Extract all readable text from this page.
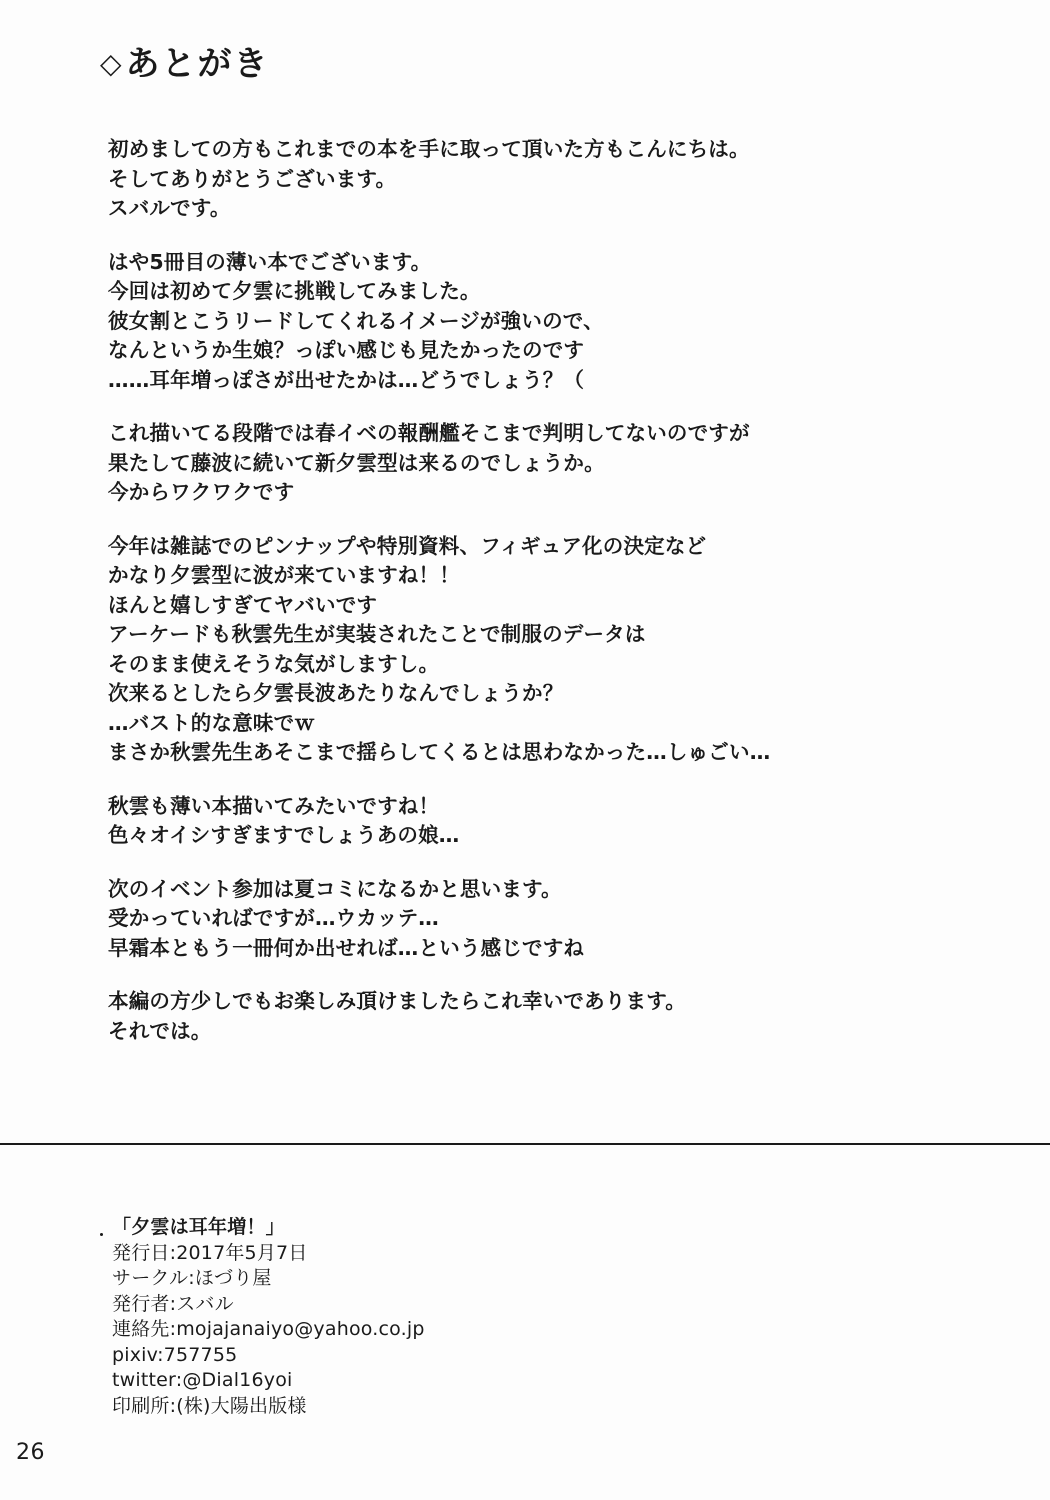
◇あとがき

初めましての方もこれまでの本を手に取って頂いた方もこんにちは。
そしてありがとうございます。
スバルです。

はや5冊目の薄い本でございます。
今回は初めて夕雲に挑戦してみました。
彼女割とこうリードしてくれるイメージが強いので、
なんというか生娘？っぽい感じも見たかったのです
……耳年増っぽさが出せたかは…どうでしょう？（

これ描いてる段階では春イベの報酬艦そこまで判明してないのですが
果たして藤波に続いて新夕雲型は来るのでしょうか。
今からワクワクです

今年は雑誌でのピンナップや特別資料、フィギュア化の決定など
かなり夕雲型に波が来ていますね！！
ほんと嬉しすぎてヤバいです
アーケードも秋雲先生が実装されたことで制服のデータは
そのまま使えそうな気がしますし。
次来るとしたら夕雲長波あたりなんでしょうか？
…バスト的な意味でｗ
まさか秋雲先生あそこまで揺らしてくるとは思わなかった…しゅごい…

秋雲も薄い本描いてみたいですね！
色々オイシすぎますでしょうあの娘…

次のイベント参加は夏コミになるかと思います。
受かっていればですが…ウカッテ…
早霜本ともう一冊何か出せれば…という感じですね

本編の方少しでもお楽しみ頂けましたらこれ幸いであります。
それでは。

「夕雲は耳年増！」
発行日:2017年5月7日
サークル:ほづり屋
発行者:スバル
連絡先:mojajanaiyo@yahoo.co.jp
pixiv:757755
twitter:@Dial16yoi
印刷所:(株)大陽出版様
26
